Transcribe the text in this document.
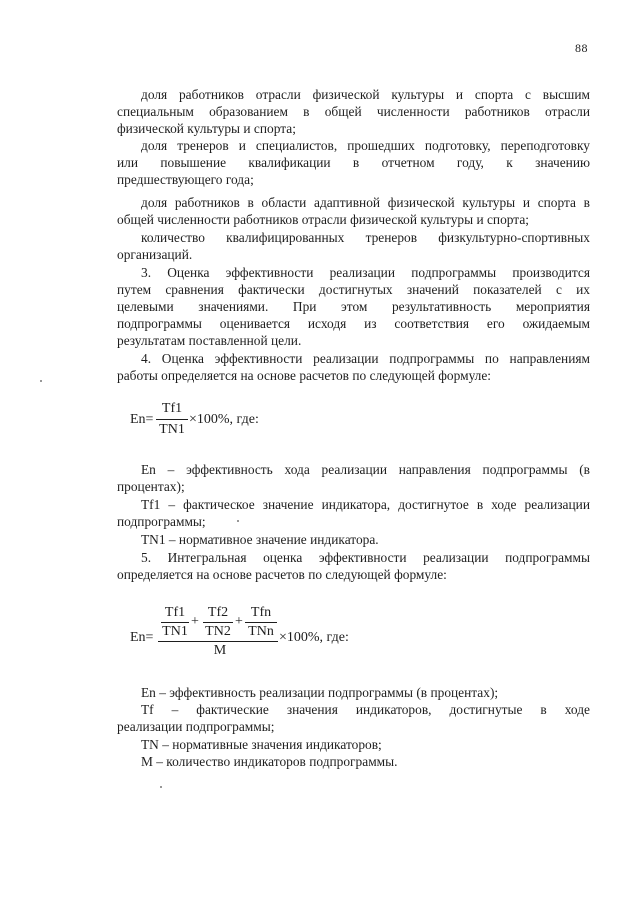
88
доля работников отрасли физической культуры и спорта с высшим
специальным образованием в общей численности работников отрасли
физической культуры и спорта;
доля тренеров и специалистов, прошедших подготовку, переподготовку
или повышение квалификации в отчетном году, к значению
предшествующего года;
доля работников в области адаптивной физической культуры и спорта в
общей численности работников отрасли физической культуры и спорта;
количество квалифицированных тренеров физкультурно-спортивных
организаций.
3. Оценка эффективности реализации подпрограммы производится
путем сравнения фактически достигнутых значений показателей с их
целевыми значениями. При этом результативность мероприятия
подпрограммы оценивается исходя из соответствия его ожидаемым
результатам поставленной цели.
4. Оценка эффективности реализации подпрограммы по направлениям
работы определяется на основе расчетов по следующей формуле:
En=
Tf1
TN1
×100%, где:
En – эффективность хода реализации направления подпрограммы (в
процентах);
Tf1 – фактическое значение индикатора, достигнутое в ходе реализации
подпрограммы;
TN1 – нормативное значение индикатора.
5. Интегральная оценка эффективности реализации подпрограммы
определяется на основе расчетов по следующей формуле:
En=
Tf1
TN1
+
Tf2
TN2
+
Tfn
TNn
M
×100%, где:
En – эффективность реализации подпрограммы (в процентах);
Tf – фактические значения индикаторов, достигнутые в ходе
реализации подпрограммы;
TN – нормативные значения индикаторов;
M – количество индикаторов подпрограммы.
